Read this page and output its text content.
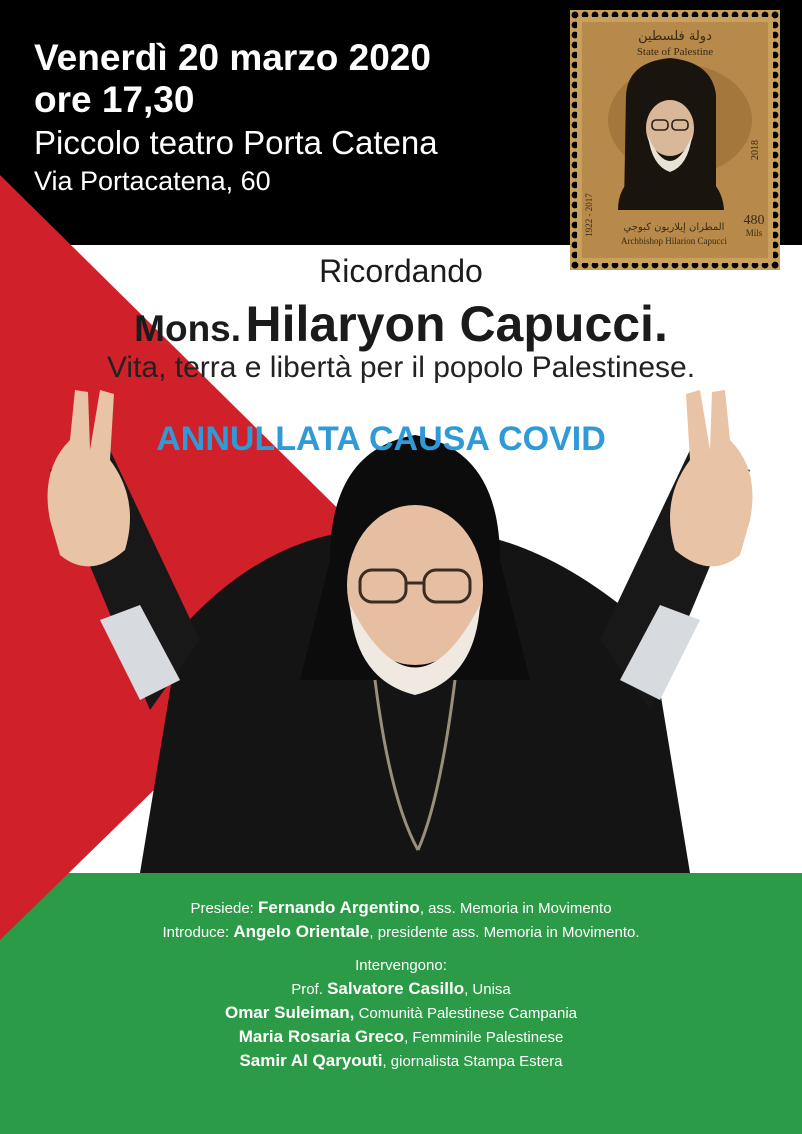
Venerdì 20 marzo 2020
ore 17,30
Piccolo teatro Porta Catena
Via Portacatena, 60
دولة فلسطين
State of Palestine
2018
1922 - 2017	480
Mils
المطران إيلاريون كبوجي
Archbishop Hilarion Capucci
Ricordando
Mons. Hilaryon Capucci.
Vita, terra e libertà per il popolo Palestinese.
ANNULLATA CAUSA COVID
Presiede: Fernando Argentino, ass. Memoria in Movimento
Introduce: Angelo Orientale, presidente ass. Memoria in Movimento.
Intervengono:
Prof. Salvatore Casillo, Unisa
Omar Suleiman, Comunità Palestinese Campania
Maria Rosaria Greco, Femminile Palestinese
Samir Al Qaryouti, giornalista Stampa Estera
